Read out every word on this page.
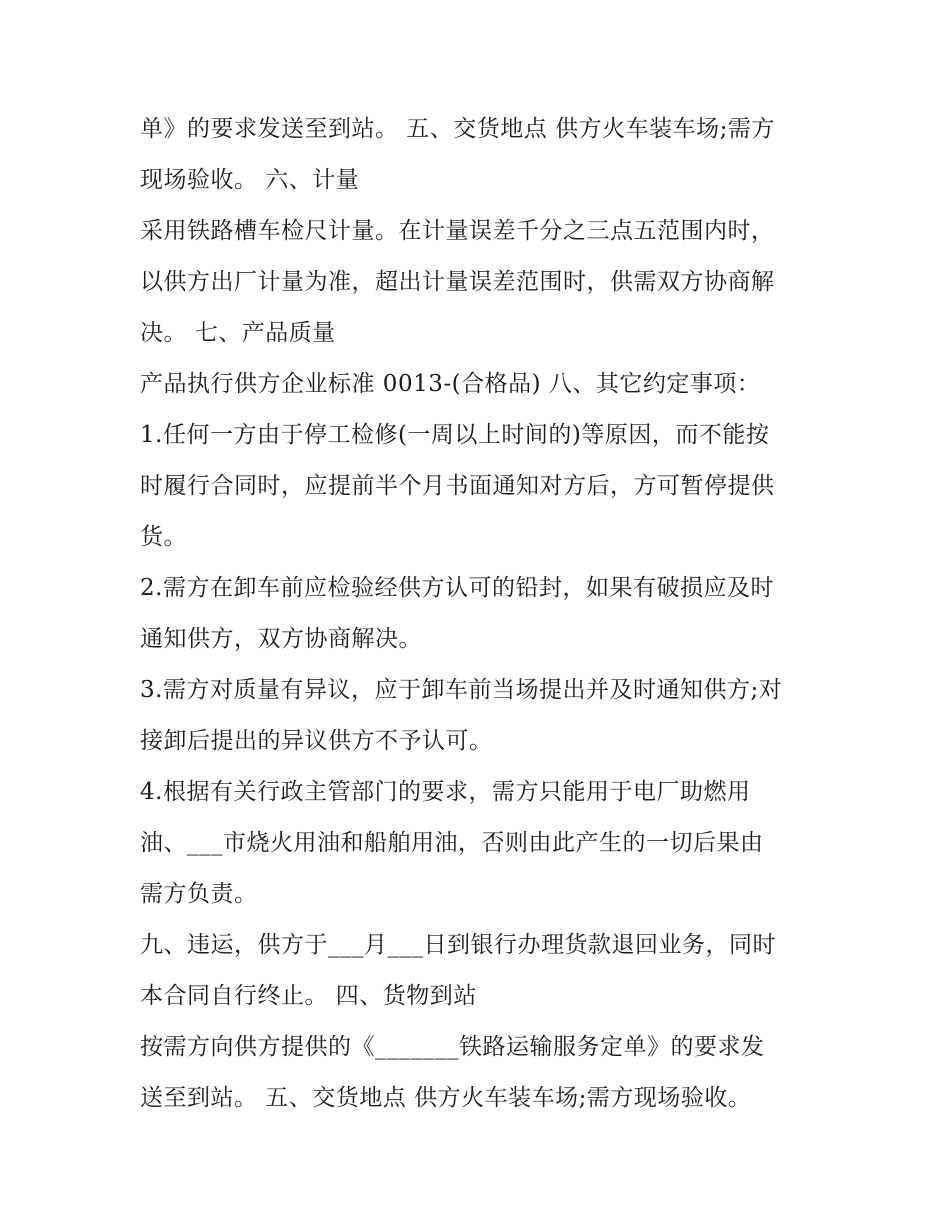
单》的要求发送至到站。 五、交货地点 供方火车装车场;需方
现场验收。 六、计量
采用铁路槽车检尺计量。在计量误差千分之三点五范围内时，
以供方出厂计量为准，超出计量误差范围时，供需双方协商解
决。 七、产品质量
产品执行供方企业标准 0013-(合格品) 八、其它约定事项：
1.任何一方由于停工检修(一周以上时间的)等原因，而不能按
时履行合同时，应提前半个月书面通知对方后，方可暂停提供
货。
2.需方在卸车前应检验经供方认可的铅封，如果有破损应及时
通知供方，双方协商解决。
3.需方对质量有异议，应于卸车前当场提出并及时通知供方;对
接卸后提出的异议供方不予认可。
4.根据有关行政主管部门的要求，需方只能用于电厂助燃用
油、___市烧火用油和船舶用油，否则由此产生的一切后果由
需方负责。
九、违运，供方于___月___日到银行办理货款退回业务，同时
本合同自行终止。 四、货物到站
按需方向供方提供的《_______铁路运输服务定单》的要求发
送至到站。 五、交货地点 供方火车装车场;需方现场验收。
